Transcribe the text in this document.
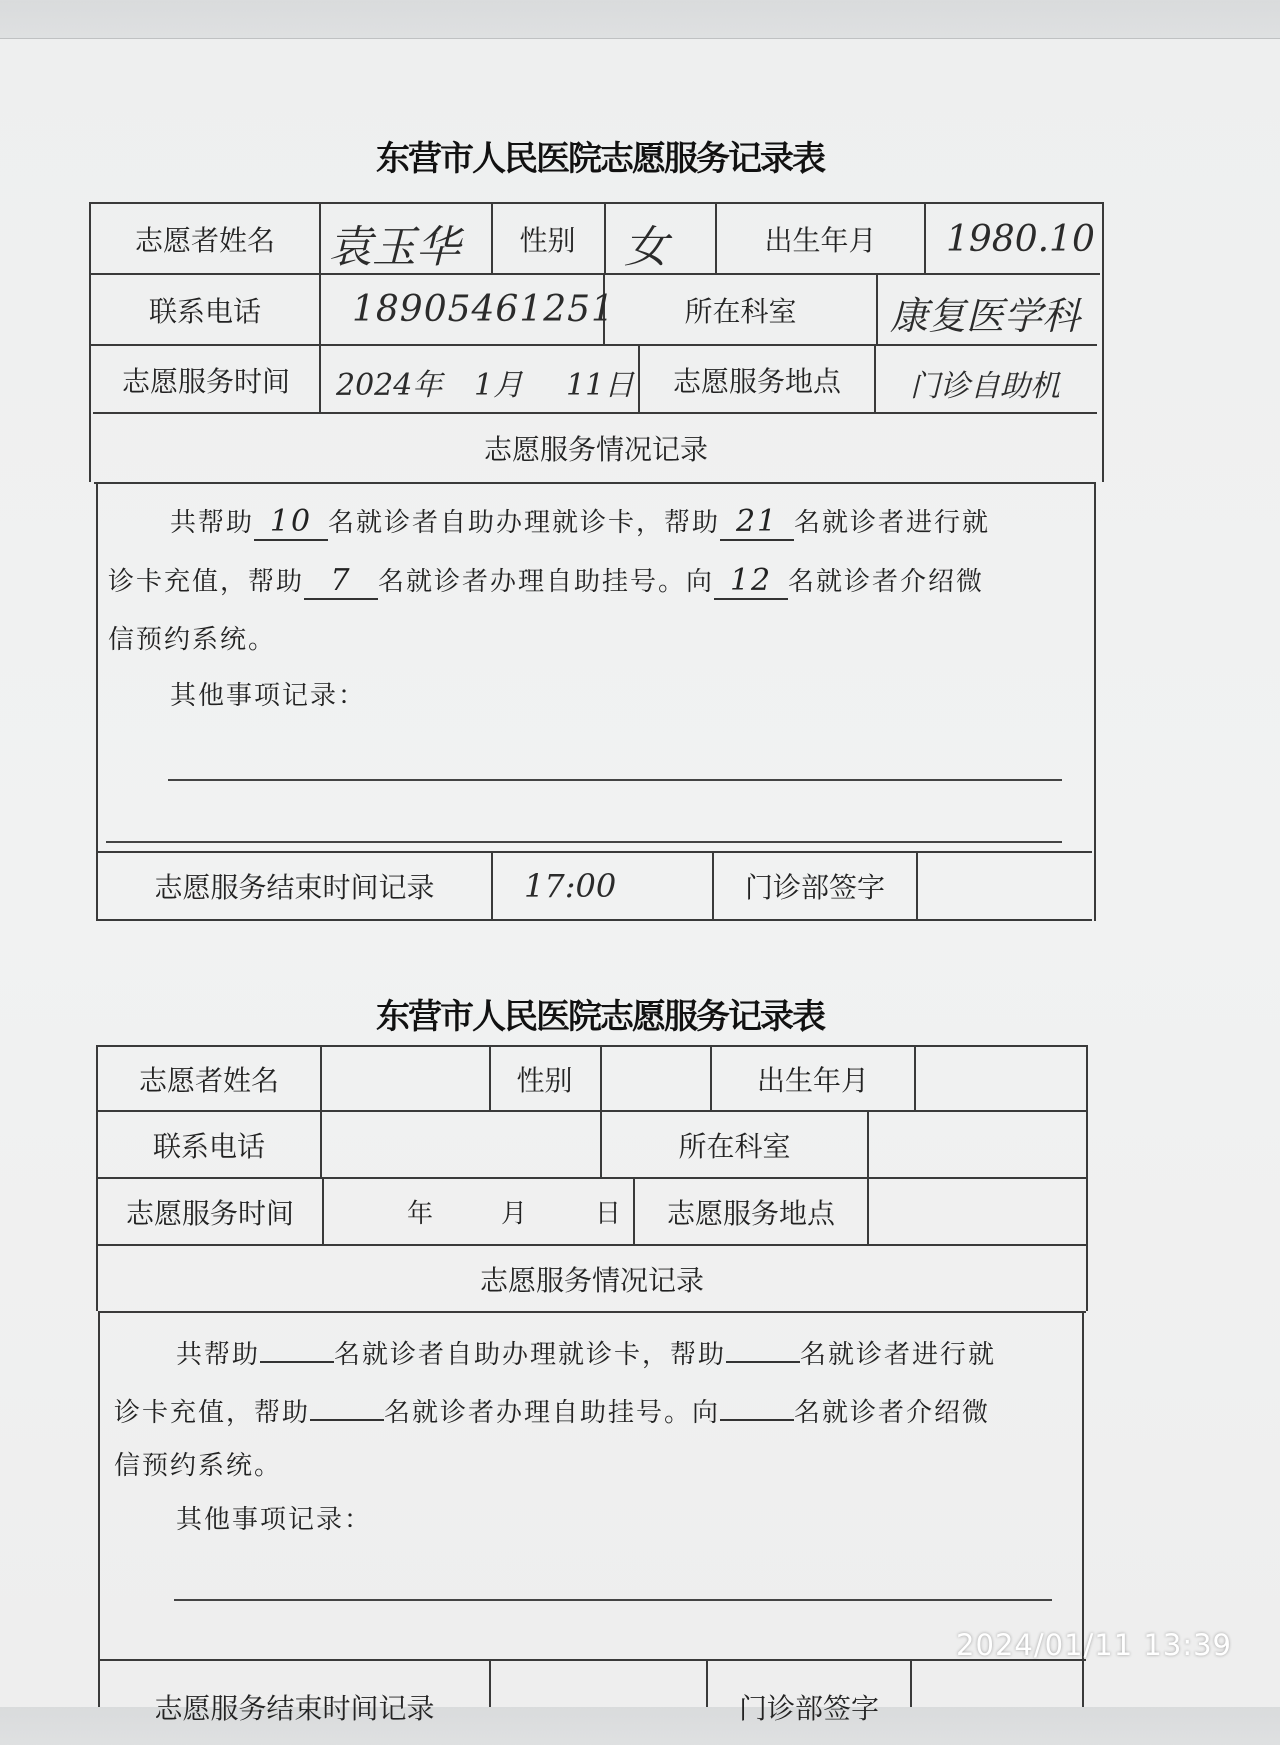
东营市人民医院志愿服务记录表
志愿者姓名	袁玉华	性别	女	出生年月	1980.10
联系电话	18905461251	所在科室	康复医学科
志愿服务时间	2024年 1月 11日	志愿服务地点	门诊自助机
志愿服务情况记录
共帮助 10 名就诊者自助办理就诊卡，帮助 21 名就诊者进行就
诊卡充值，帮助 7 名就诊者办理自助挂号。向 12 名就诊者介绍微
信预约系统。
其他事项记录：
志愿服务结束时间记录	17:00	门诊部签字
东营市人民医院志愿服务记录表
志愿者姓名	性别	出生年月
联系电话	所在科室
志愿服务时间	年	月	日	志愿服务地点
志愿服务情况记录
共帮助	名就诊者自助办理就诊卡，帮助	名就诊者进行就
诊卡充值，帮助	名就诊者办理自助挂号。向	名就诊者介绍微
信预约系统。
其他事项记录：
志愿服务结束时间记录	门诊部签字
2024/01/11 13:39
